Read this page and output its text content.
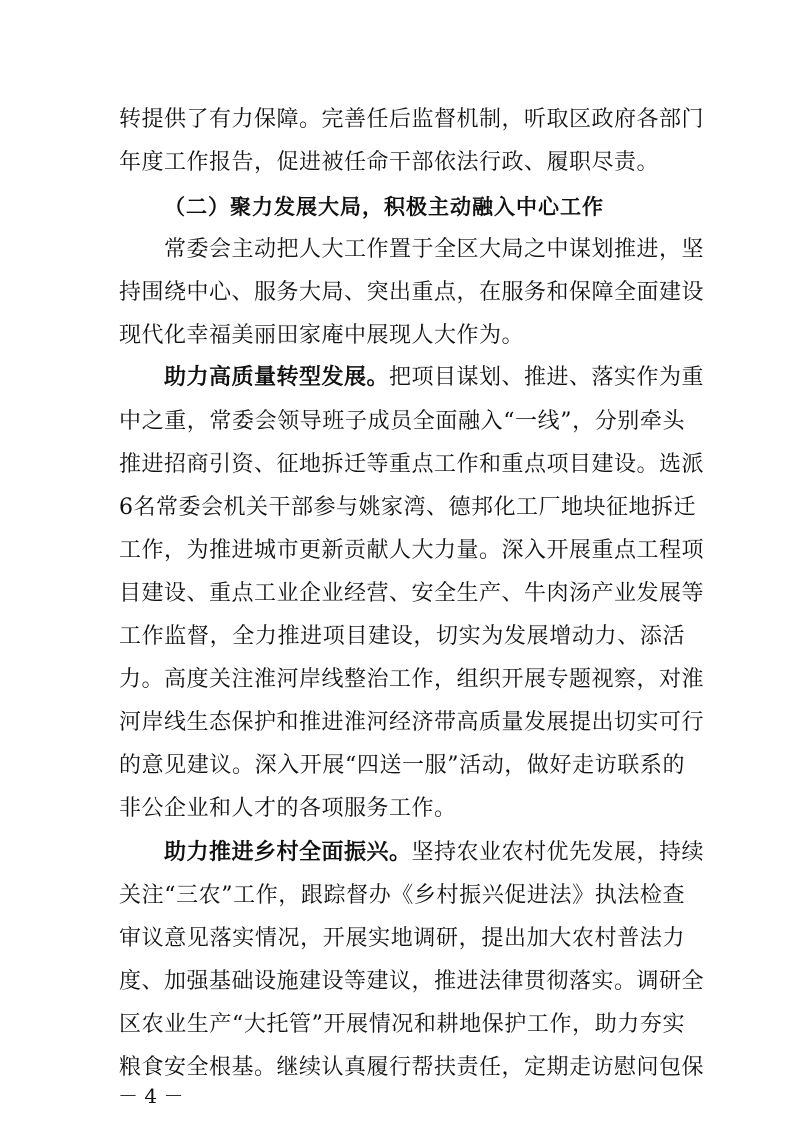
转提供了有力保障。完善任后监督机制，听取区政府各部门
年度工作报告，促进被任命干部依法行政、履职尽责。
（二）聚力发展大局，积极主动融入中心工作
常委会主动把人大工作置于全区大局之中谋划推进，坚
持围绕中心、服务大局、突出重点，在服务和保障全面建设
现代化幸福美丽田家庵中展现人大作为。
助力高质量转型发展。把项目谋划、推进、落实作为重
中之重，常委会领导班子成员全面融入“一线”，分别牵头
推进招商引资、征地拆迁等重点工作和重点项目建设。选派
6名常委会机关干部参与姚家湾、德邦化工厂地块征地拆迁
工作，为推进城市更新贡献人大力量。深入开展重点工程项
目建设、重点工业企业经营、安全生产、牛肉汤产业发展等
工作监督，全力推进项目建设，切实为发展增动力、添活
力。高度关注淮河岸线整治工作，组织开展专题视察，对淮
河岸线生态保护和推进淮河经济带高质量发展提出切实可行
的意见建议。深入开展“四送一服”活动，做好走访联系的
非公企业和人才的各项服务工作。
助力推进乡村全面振兴。坚持农业农村优先发展，持续
关注“三农”工作，跟踪督办《乡村振兴促进法》执法检查
审议意见落实情况，开展实地调研，提出加大农村普法力
度、加强基础设施建设等建议，推进法律贯彻落实。调研全
区农业生产“大托管”开展情况和耕地保护工作，助力夯实
粮食安全根基。继续认真履行帮扶责任，定期走访慰问包保
－ 4 －
